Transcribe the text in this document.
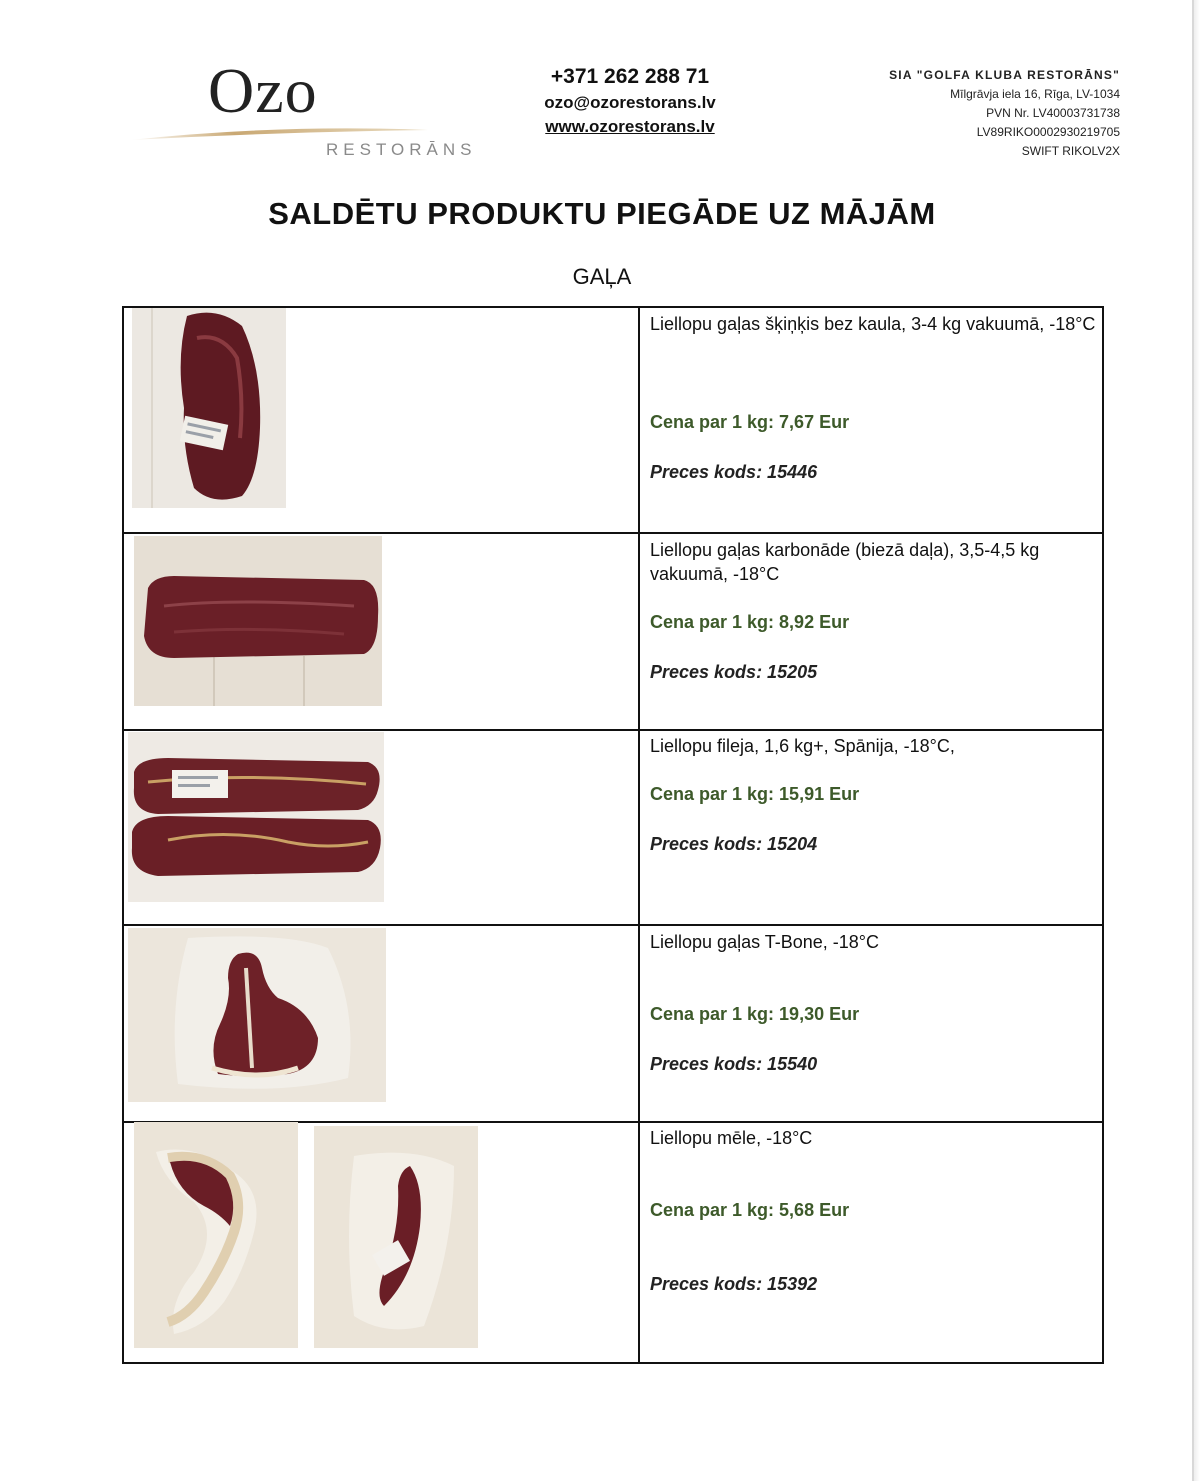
Ozo
RESTORĀNS
+371 262 288 71
ozo@ozorestorans.lv
www.ozorestorans.lv
SIA "GOLFA KLUBA RESTORĀNS"
Mīlgrāvja iela 16, Rīga, LV-1034
PVN Nr. LV40003731738
LV89RIKO0002930219705
SWIFT RIKOLV2X
SALDĒTU PRODUKTU PIEGĀDE UZ MĀJĀM
GAĻA
Liellopu gaļas šķiņķis bez kaula, 3-4 kg vakuumā, -18°C
Cena par 1 kg: 7,67 Eur
Preces kods: 15446
Liellopu gaļas karbonāde (biezā daļa), 3,5-4,5 kg vakuumā, -18°C
Cena par 1 kg: 8,92 Eur
Preces kods: 15205
Liellopu fileja, 1,6 kg+, Spānija, -18°C,
Cena par 1 kg: 15,91 Eur
Preces kods: 15204
Liellopu gaļas T-Bone, -18°C
Cena par 1 kg: 19,30 Eur
Preces kods: 15540
Liellopu mēle, -18°C
Cena par 1 kg: 5,68 Eur
Preces kods: 15392
